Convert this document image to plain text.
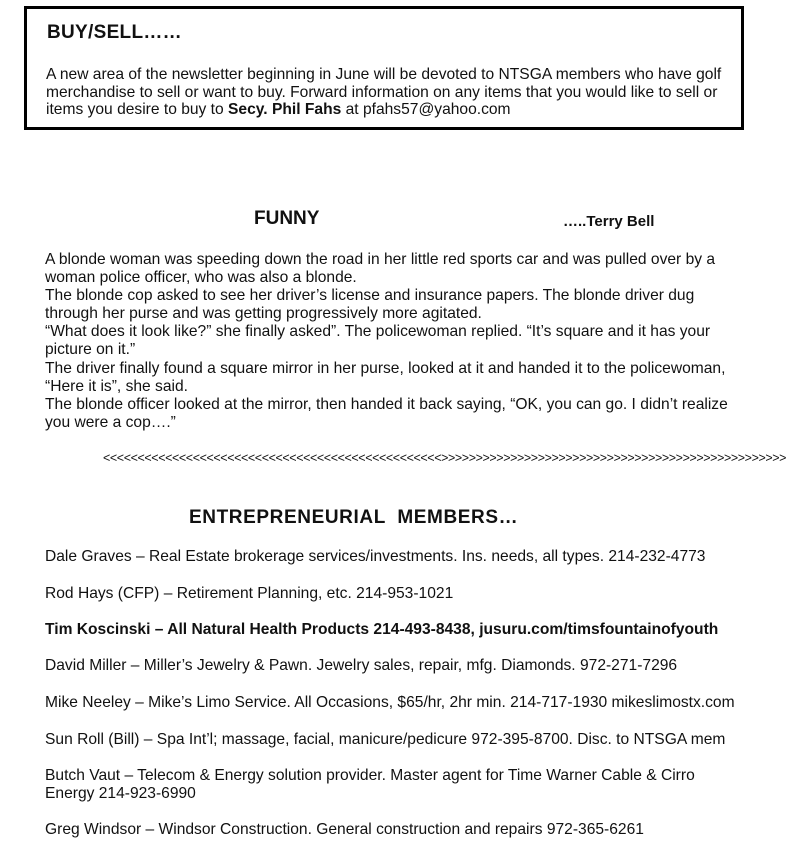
BUY/SELL……
A new area of the newsletter beginning in June will be devoted to NTSGA members who have golf
merchandise to sell or want to buy. Forward information on any items that you would like to sell or
items you desire to buy to Secy. Phil Fahs at pfahs57@yahoo.com
FUNNY	…..Terry Bell
A blonde woman was speeding down the road in her little red sports car and was pulled over by a
woman police officer, who was also a blonde.
The blonde cop asked to see her driver’s license and insurance papers. The blonde driver dug
through her purse and was getting progressively more agitated.
“What does it look like?” she finally asked”. The policewoman replied. “It’s square and it has your
picture on it.”
The driver finally found a square mirror in her purse, looked at it and handed it to the policewoman,
“Here it is”, she said.
The blonde officer looked at the mirror, then handed it back saying, “OK, you can go. I didn’t realize
you were a cop….”
<<<<<<<<<<<<<<<<<<<<<<<<<<<<<<<<<<<<<<<<<<<<<<<<<>>>>>>>>>>>>>>>>>>>>>>>>>>>>>>>>>>>>>>>>>>>>>>>>>>
ENTREPRENEURIAL  MEMBERS…
Dale Graves – Real Estate brokerage services/investments. Ins. needs, all types. 214-232-4773
Rod Hays (CFP) – Retirement Planning, etc. 214-953-1021
Tim Koscinski – All Natural Health Products 214-493-8438, jusuru.com/timsfountainofyouth
David Miller – Miller’s Jewelry & Pawn. Jewelry sales, repair, mfg. Diamonds. 972-271-7296
Mike Neeley – Mike’s Limo Service. All Occasions, $65/hr, 2hr min. 214-717-1930 mikeslimostx.com
Sun Roll (Bill) – Spa Int’l; massage, facial, manicure/pedicure 972-395-8700. Disc. to NTSGA mem
Butch Vaut – Telecom & Energy solution provider. Master agent for Time Warner Cable & Cirro
Energy 214-923-6990
Greg Windsor – Windsor Construction. General construction and repairs 972-365-6261
